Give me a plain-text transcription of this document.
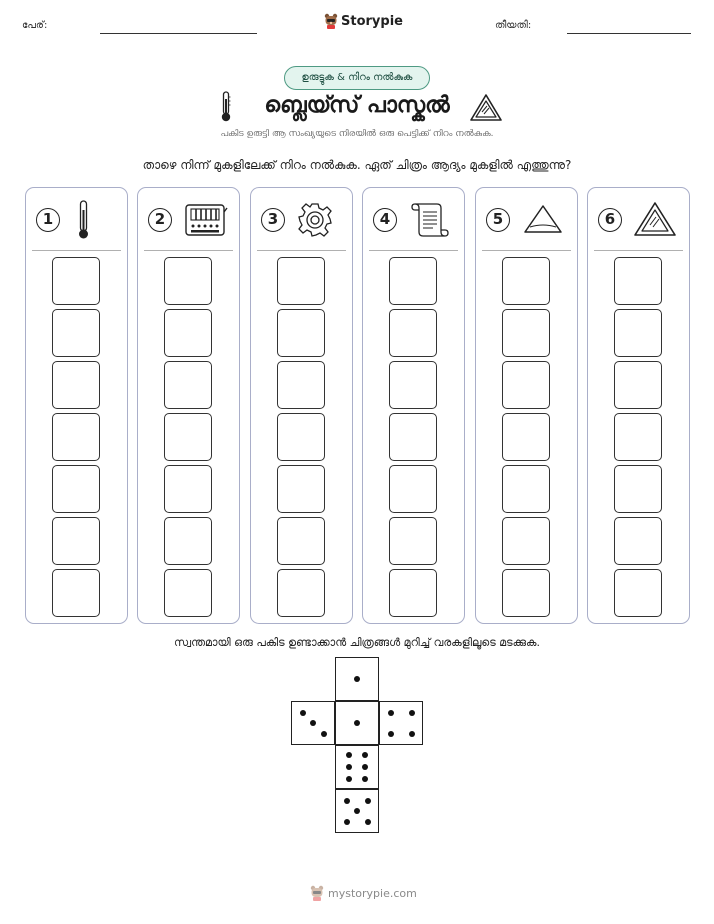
പേര്:	Storypie	തീയതി:
ഉരുട്ടുക & നിറം നൽകുക
ബ്ലെയ്സ് പാസ്കൽ
പകിട ഉരുട്ടി ആ സംഖ്യയുടെ നിരയിൽ ഒരു പെട്ടിക്ക് നിറം നൽകുക.
താഴെ നിന്ന് മുകളിലേക്ക് നിറം നൽകുക. ഏത് ചിത്രം ആദ്യം മുകളിൽ എത്തുന്നു?
1	2	3	4	5	6
സ്വന്തമായി ഒരു പകിട ഉണ്ടാക്കാൻ ചിത്രങ്ങൾ മുറിച്ച് വരകളിലൂടെ മടക്കുക.
mystorypie.com
